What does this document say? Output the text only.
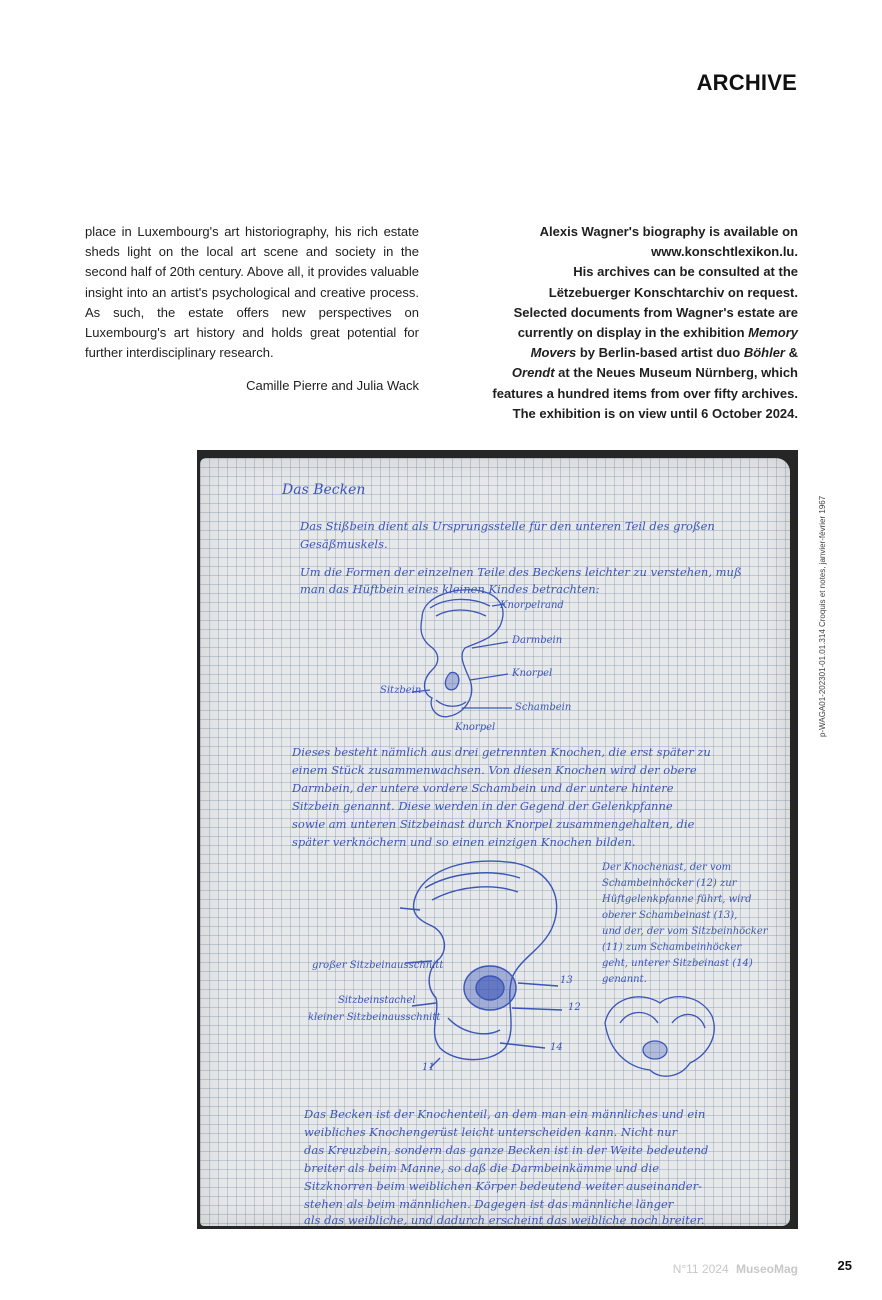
ARCHIVE

place in Luxembourg's art historiography, his rich estate sheds light on the local art scene and society in the second half of 20th century. Above all, it provides valuable insight into an artist's psychological and creative process. As such, the estate offers new perspectives on Luxembourg's art history and holds great potential for further interdisciplinary research.

Camille Pierre and Julia Wack

Alexis Wagner's biography is available on
www.konschtlexikon.lu.
His archives can be consulted at the
Lëtzebuerger Konschtarchiv on request.
Selected documents from Wagner's estate are
currently on display in the exhibition Memory
Movers by Berlin-based artist duo Böhler &
Orendt at the Neues Museum Nürnberg, which
features a hundred items from over fifty archives.
The exhibition is on view until 6 October 2024.
Das Becken
Das Stißbein dient als Ursprungsstelle für den unteren Teil des großen
Gesäßmuskels.
Um die Formen der einzelnen Teile des Beckens leichter zu verstehen, muß
man das Hüftbein eines kleinen Kindes betrachten:
Knorpelrand
Darmbein
Knorpel
Sitzbein
Schambein
Knorpel
Dieses besteht nämlich aus drei getrennten Knochen, die erst später zu
einem Stück zusammenwachsen. Von diesen Knochen wird der obere
Darmbein, der untere vordere Schambein und der untere hintere
Sitzbein genannt. Diese werden in der Gegend der Gelenkpfanne
sowie am unteren Sitzbeinast durch Knorpel zusammengehalten, die
später verknöchern und so einen einzigen Knochen bilden.
Der Knochenast, der vom
Schambeinhöcker (12) zur
Hüftgelenkpfanne führt, wird
oberer Schambeinast (13),
und der, der vom Sitzbeinhöcker
(11) zum Schambeinhöcker
geht, unterer Sitzbeinast (14)
genannt.
großer Sitzbeinausschnitt
Sitzbeinstachel
kleiner Sitzbeinausschnitt
11
12
13
14
Das Becken ist der Knochenteil, an dem man ein männliches und ein
weibliches Knochengerüst leicht unterscheiden kann. Nicht nur
das Kreuzbein, sondern das ganze Becken ist in der Weite bedeutend
breiter als beim Manne, so daß die Darmbeinkämme und die
Sitzknorren beim weiblichen Körper bedeutend weiter auseinander-
stehen als beim männlichen. Dagegen ist das männliche länger
als das weibliche, und dadurch erscheint das weibliche noch breiter.
p-WAGA01-202301-01.01.314 Croquis et notes, janvier-février 1967
N°11 2024 MuseoMag	25
